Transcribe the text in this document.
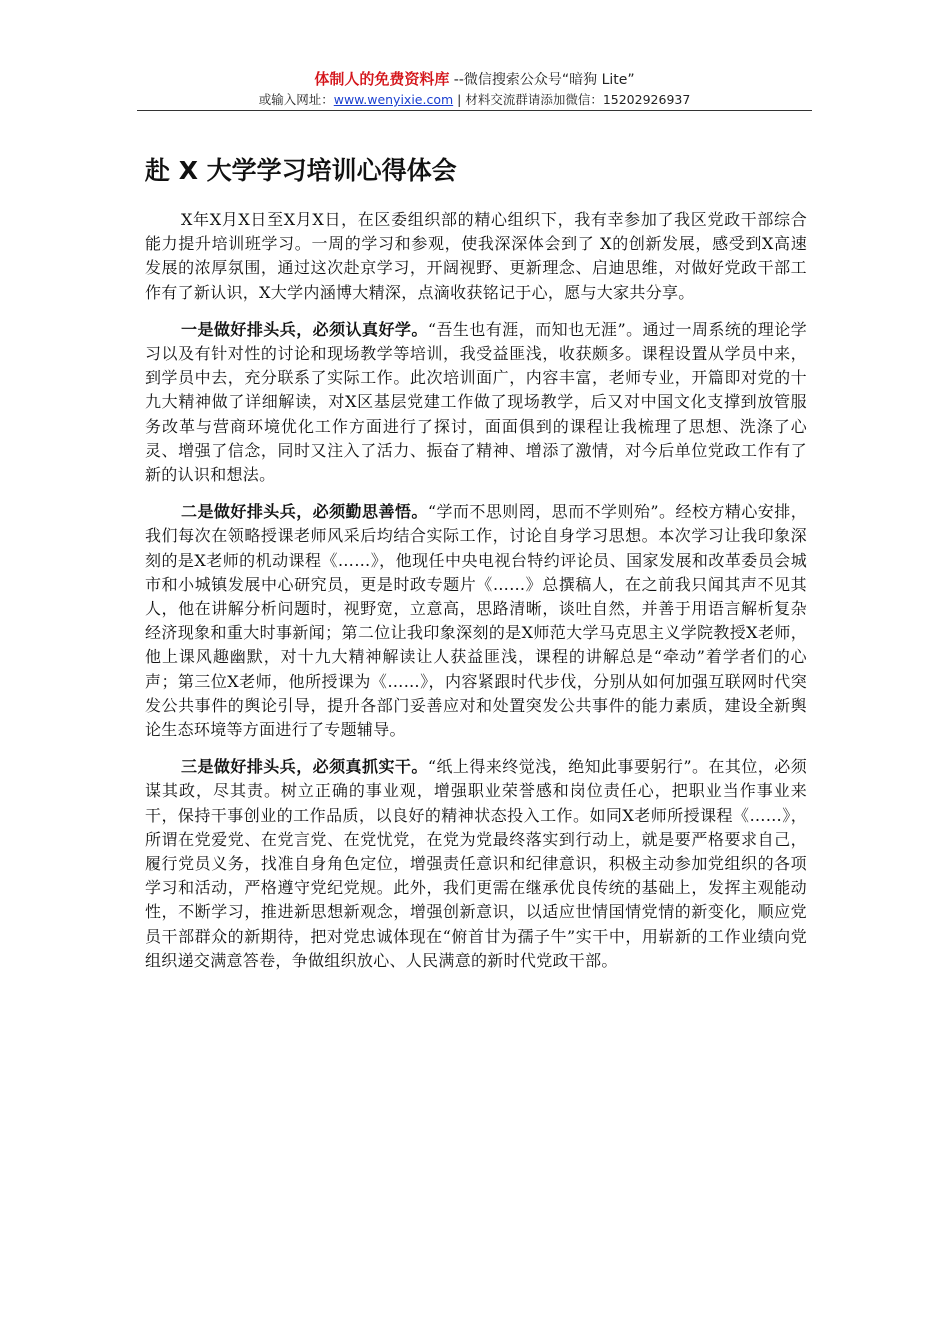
体制人的免费资料库 --微信搜索公众号“暗狗 Lite”
或输入网址：www.wenyixie.com | 材料交流群请添加微信：15202926937
赴 X 大学学习培训心得体会

X年X月X日至X月X日，在区委组织部的精心组织下，我有幸参加了我区党政干部综合能力提升培训班学习。一周的学习和参观，使我深深体会到了 X的创新发展，感受到X高速发展的浓厚氛围，通过这次赴京学习，开阔视野、更新理念、启迪思维，对做好党政干部工作有了新认识，X大学内涵博大精深，点滴收获铭记于心，愿与大家共分享。

一是做好排头兵，必须认真好学。“吾生也有涯，而知也无涯”。通过一周系统的理论学习以及有针对性的讨论和现场教学等培训，我受益匪浅，收获颇多。课程设置从学员中来，到学员中去，充分联系了实际工作。此次培训面广，内容丰富，老师专业，开篇即对党的十九大精神做了详细解读，对X区基层党建工作做了现场教学，后又对中国文化支撑到放管服务改革与营商环境优化工作方面进行了探讨，面面俱到的课程让我梳理了思想、洗涤了心灵、增强了信念，同时又注入了活力、振奋了精神、增添了激情，对今后单位党政工作有了新的认识和想法。

二是做好排头兵，必须勤思善悟。“学而不思则罔，思而不学则殆”。经校方精心安排，我们每次在领略授课老师风采后均结合实际工作，讨论自身学习思想。本次学习让我印象深刻的是X老师的机动课程《……》，他现任中央电视台特约评论员、国家发展和改革委员会城市和小城镇发展中心研究员，更是时政专题片《……》总撰稿人，在之前我只闻其声不见其人，他在讲解分析问题时，视野宽，立意高，思路清晰，谈吐自然，并善于用语言解析复杂经济现象和重大时事新闻；第二位让我印象深刻的是X师范大学马克思主义学院教授X老师，他上课风趣幽默，对十九大精神解读让人获益匪浅，课程的讲解总是“牵动”着学者们的心声；第三位X老师，他所授课为《……》，内容紧跟时代步伐，分别从如何加强互联网时代突发公共事件的舆论引导，提升各部门妥善应对和处置突发公共事件的能力素质，建设全新舆论生态环境等方面进行了专题辅导。

三是做好排头兵，必须真抓实干。“纸上得来终觉浅，绝知此事要躬行”。在其位，必须谋其政，尽其责。树立正确的事业观，增强职业荣誉感和岗位责任心，把职业当作事业来干，保持干事创业的工作品质，以良好的精神状态投入工作。如同X老师所授课程《……》，所谓在党爱党、在党言党、在党忧党，在党为党最终落实到行动上，就是要严格要求自己，履行党员义务，找准自身角色定位，增强责任意识和纪律意识，积极主动参加党组织的各项学习和活动，严格遵守党纪党规。此外，我们更需在继承优良传统的基础上，发挥主观能动性，不断学习，推进新思想新观念，增强创新意识，以适应世情国情党情的新变化，顺应党员干部群众的新期待，把对党忠诚体现在“俯首甘为孺子牛”实干中，用崭新的工作业绩向党组织递交满意答卷，争做组织放心、人民满意的新时代党政干部。
